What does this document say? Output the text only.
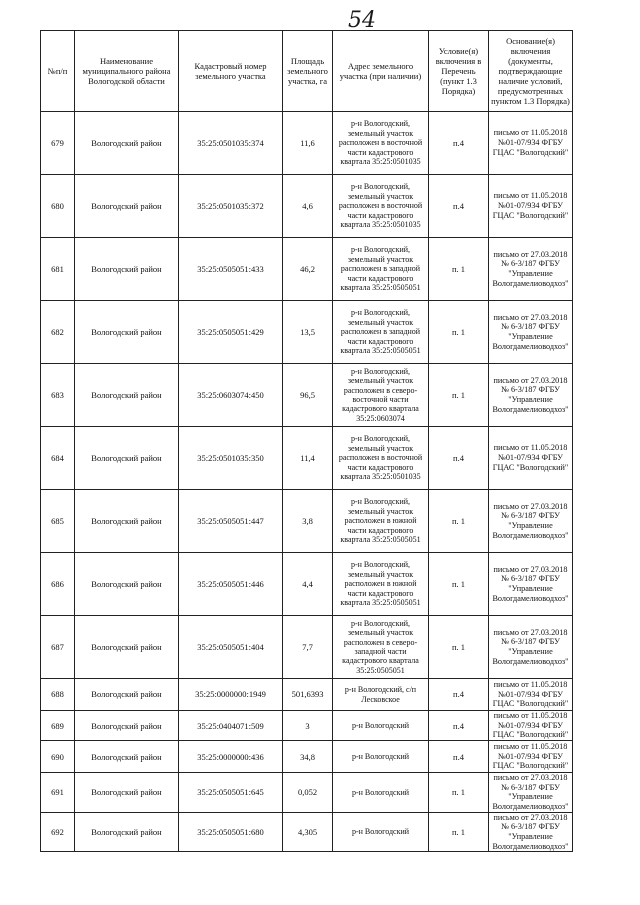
54
№п/п	Наименование муниципального района Вологодской области	Кадастровый номер земельного участка	Площадь земельного участка, га	Адрес земельного участка (при наличии)	Условие(я) включения в Перечень (пункт 1.3 Порядка)	Основание(я) включения (документы, подтверждающие наличие условий, предусмотренных пунктом 1.3 Порядка)
679	Вологодский район	35:25:0501035:374	11,6	р-н Вологодский, земельный участок расположен в восточной части кадастрового квартала 35:25:0501035	п.4	письмо от 11.05.2018 №01-07/934 ФГБУ ГЦАС "Вологодский"
680	Вологодский район	35:25:0501035:372	4,6	р-н Вологодский, земельный участок расположен в восточной части кадастрового квартала 35:25:0501035	п.4	письмо от 11.05.2018 №01-07/934 ФГБУ ГЦАС "Вологодский"
681	Вологодский район	35:25:0505051:433	46,2	р-н Вологодский, земельный участок расположен в западной части кадастрового квартала 35:25:0505051	п. 1	письмо от 27.03.2018 № 6-3/187 ФГБУ "Управление Вологдамелиоводхоз"
682	Вологодский район	35:25:0505051:429	13,5	р-н Вологодский, земельный участок расположен в западной части кадастрового квартала 35:25:0505051	п. 1	письмо от 27.03.2018 № 6-3/187 ФГБУ "Управление Вологдамелиоводхоз"
683	Вологодский район	35:25:0603074:450	96,5	р-н Вологодский, земельный участок расположен в северо-восточной части кадастрового квартала 35:25:0603074	п. 1	письмо от 27.03.2018 № 6-3/187 ФГБУ "Управление Вологдамелиоводхоз"
684	Вологодский район	35:25:0501035:350	11,4	р-н Вологодский, земельный участок расположен в восточной части кадастрового квартала 35:25:0501035	п.4	письмо от 11.05.2018 №01-07/934 ФГБУ ГЦАС "Вологодский"
685	Вологодский район	35:25:0505051:447	3,8	р-н Вологодский, земельный участок расположен в южной части кадастрового квартала 35:25:0505051	п. 1	письмо от 27.03.2018 № 6-3/187 ФГБУ "Управление Вологдамелиоводхоз"
686	Вологодский район	35:25:0505051:446	4,4	р-н Вологодский, земельный участок расположен в южной части кадастрового квартала 35:25:0505051	п. 1	письмо от 27.03.2018 № 6-3/187 ФГБУ "Управление Вологдамелиоводхоз"
687	Вологодский район	35:25:0505051:404	7,7	р-н Вологодский, земельный участок расположен в северо-западной части кадастрового квартала 35:25:0505051	п. 1	письмо от 27.03.2018 № 6-3/187 ФГБУ "Управление Вологдамелиоводхоз"
688	Вологодский район	35:25:0000000:1949	501,6393	р-н Вологодский, с/п Лесковское	п.4	письмо от 11.05.2018 №01-07/934 ФГБУ ГЦАС "Вологодский"
689	Вологодский район	35:25:0404071:509	3	р-н Вологодский	п.4	письмо от 11.05.2018 №01-07/934 ФГБУ ГЦАС "Вологодский"
690	Вологодский район	35:25:0000000:436	34,8	р-н Вологодский	п.4	письмо от 11.05.2018 №01-07/934 ФГБУ ГЦАС "Вологодский"
691	Вологодский район	35:25:0505051:645	0,052	р-н Вологодский	п. 1	письмо от 27.03.2018 № 6-3/187 ФГБУ "Управление Вологдамелиоводхоз"
692	Вологодский район	35:25:0505051:680	4,305	р-н Вологодский	п. 1	письмо от 27.03.2018 № 6-3/187 ФГБУ "Управление Вологдамелиоводхоз"
